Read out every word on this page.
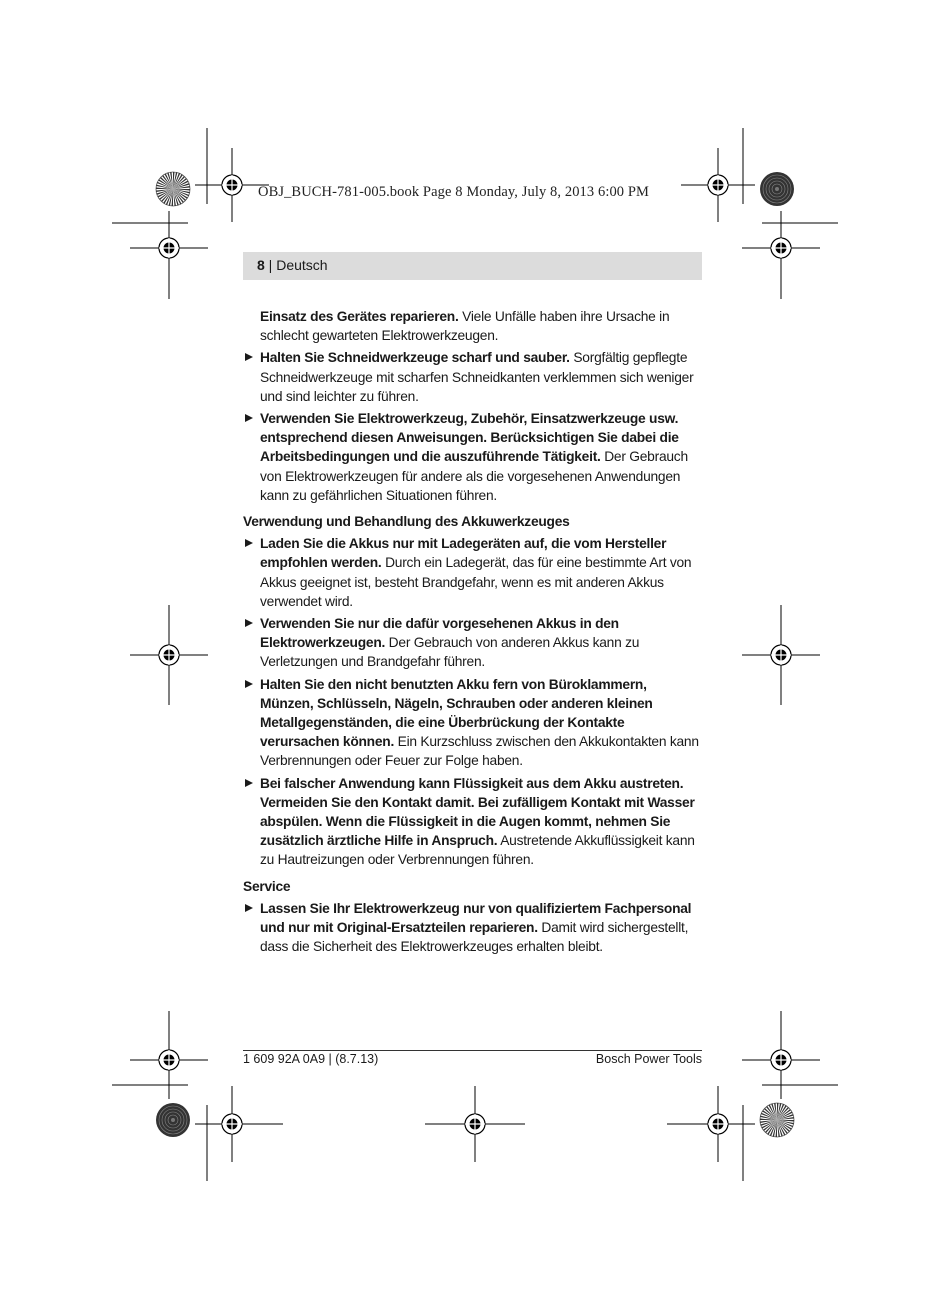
OBJ_BUCH-781-005.book Page 8 Monday, July 8, 2013 6:00 PM
8 | Deutsch

Einsatz des Gerätes reparieren. Viele Unfälle haben ihre Ursache in schlecht gewarteten Elektrowerkzeugen.

Halten Sie Schneidwerkzeuge scharf und sauber. Sorgfältig gepflegte Schneidwerkzeuge mit scharfen Schneidkanten verklemmen sich weniger und sind leichter zu führen.

Verwenden Sie Elektrowerkzeug, Zubehör, Einsatzwerkzeuge usw. entsprechend diesen Anweisungen. Berücksichtigen Sie dabei die Arbeitsbedingungen und die auszuführende Tätigkeit. Der Gebrauch von Elektrowerkzeugen für andere als die vorgesehenen Anwendungen kann zu gefährlichen Situationen führen.

Verwendung und Behandlung des Akkuwerkzeuges

Laden Sie die Akkus nur mit Ladegeräten auf, die vom Hersteller empfohlen werden. Durch ein Ladegerät, das für eine bestimmte Art von Akkus geeignet ist, besteht Brandgefahr, wenn es mit anderen Akkus verwendet wird.

Verwenden Sie nur die dafür vorgesehenen Akkus in den Elektrowerkzeugen. Der Gebrauch von anderen Akkus kann zu Verletzungen und Brandgefahr führen.

Halten Sie den nicht benutzten Akku fern von Büroklammern, Münzen, Schlüsseln, Nägeln, Schrauben oder anderen kleinen Metallgegenständen, die eine Überbrückung der Kontakte verursachen können. Ein Kurzschluss zwischen den Akkukontakten kann Verbrennungen oder Feuer zur Folge haben.

Bei falscher Anwendung kann Flüssigkeit aus dem Akku austreten. Vermeiden Sie den Kontakt damit. Bei zufälligem Kontakt mit Wasser abspülen. Wenn die Flüssigkeit in die Augen kommt, nehmen Sie zusätzlich ärztliche Hilfe in Anspruch. Austretende Akkuflüssigkeit kann zu Hautreizungen oder Verbrennungen führen.

Service

Lassen Sie Ihr Elektrowerkzeug nur von qualifiziertem Fachpersonal und nur mit Original-Ersatzteilen reparieren. Damit wird sichergestellt, dass die Sicherheit des Elektrowerkzeuges erhalten bleibt.

1 609 92A 0A9 | (8.7.13)	Bosch Power Tools
